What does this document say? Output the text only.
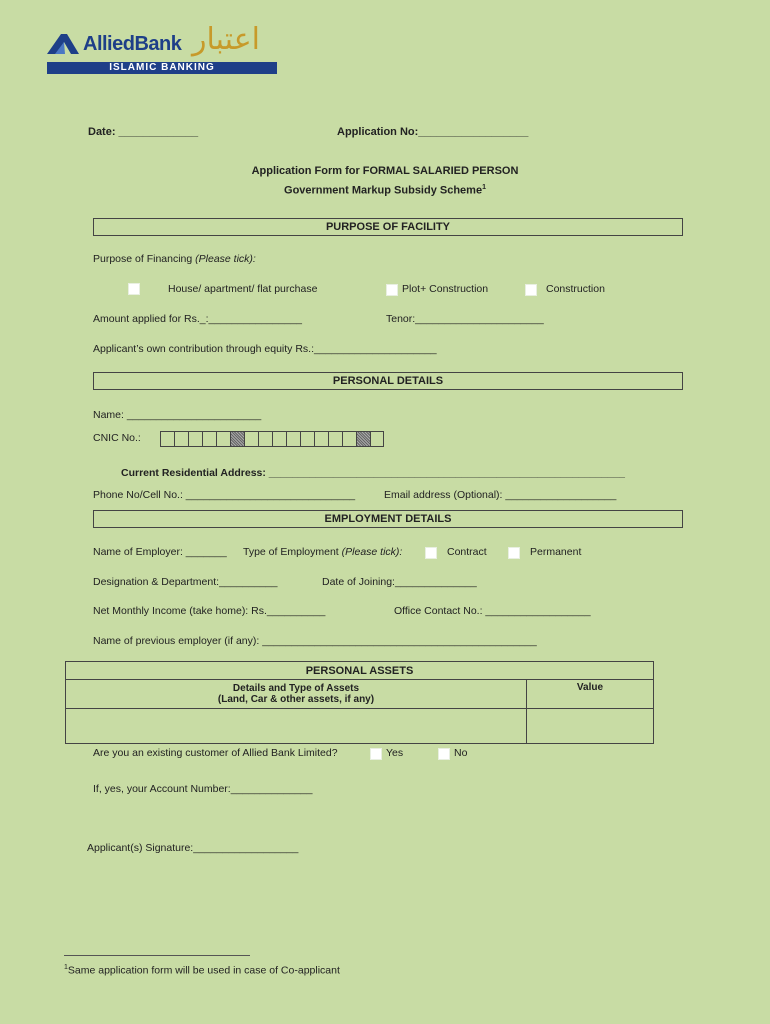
AlliedBank اعتبار
ISLAMIC BANKING
Date: _____________	Application No:__________________
Application Form for FORMAL SALARIED PERSON
Government Markup Subsidy Scheme$^1$
PURPOSE OF FACILITY
Purpose of Financing (Please tick):
House/ apartment/ flat purchase	Plot+ Construction	Construction
Amount applied for Rs._:________________	Tenor:______________________
Applicant’s own contribution through equity Rs.:_____________________
PERSONAL DETAILS
Name: _______________________
CNIC No.:
Current Residential Address: _____________________________________________________________
Phone No/Cell No.: _____________________________	Email address (Optional): ___________________
EMPLOYMENT DETAILS
Name of Employer: _______ Type of Employment (Please tick):	Contract	Permanent
Designation & Department:__________	Date of Joining:______________
Net Monthly Income (take home): Rs.__________	Office Contact No.: __________________
Name of previous employer (if any): _______________________________________________
PERSONAL ASSETS	

Details and Type of Assets
(Land, Car & other assets, if any)	Value

Are you an existing customer of Allied Bank Limited?	Yes	No
If, yes, your Account Number:______________
Applicant(s) Signature:__________________
$^1$Same application form will be used in case of Co-applicant
